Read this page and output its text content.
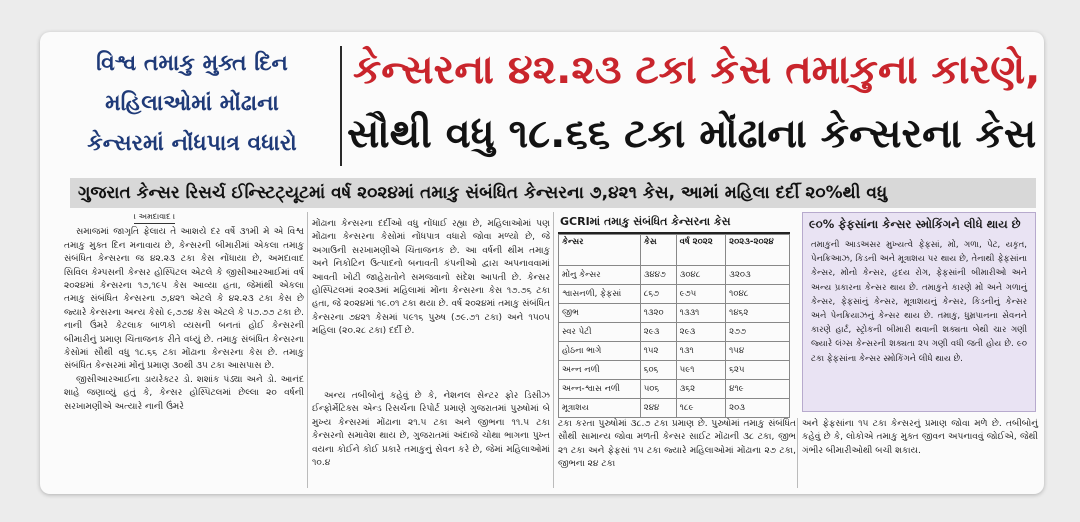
વિશ્વ તમાકુ મુક્ત દિન
મહિલાઓમાં મોંઢાના
કેન્સરમાં નોંધપાત્ર વધારો
કેન્સરના ૪૨.૨૩ ટકા કેસ તમાકુના કારણે,
સૌથી વધુ ૧૮.૬૬ ટકા મોંઢાના કેન્સરના કેસ
ગુજરાત કેન્સર રિસર્ચ ઈન્સ્ટિટ્યૂટમાં વર્ષ ૨૦૨૪માં તમાકુ સંબંધિત કેન્સરના ૭,૪૨૧ કેસ, આમાં મહિલા દર્દી ૨૦%થી વધુ
। અમદાવાદ ।

સમાજમાં જાગૃતિ ફેલાય તે આશયે દર વર્ષે ૩૧મી મે એ વિશ્વ તમાકુ મુક્ત દિન મનાવાય છે, કેન્સરની બીમારીમાં એકલા તમાકુ સંબંધિત કેન્સરના જ ૪૨.૨૩ ટકા કેસ નોંધાયા છે, અમદાવાદ સિવિલ કેમ્પસની કેન્સર હોસ્પિટલ એટલે કે જીસીઆરઆઈમાં વર્ષ ૨૦૨૪માં કેન્સરના ૧૭,૧૯૫ કેસ આવ્યા હતા, જેમાંથી એકલા તમાકુ સંબંધિત કેન્સરના ૭,૪૨૧ એટલે કે ૪૨.૨૩ ટકા કેસ છે જ્યારે કેન્સરના અન્ય કેસો ૯,૭૭૪ કેસ એટલે કે ૫૭.૭૭ ટકા છે. નાની ઉંમરે કેટલાક બાળકો વ્યસની બનતાં હોઈ કેન્સરની બીમારીનું પ્રમાણ ચિંતાજનક રીતે વધ્યું છે. તમાકુ સંબંધિત કેન્સરના કેસોમાં સૌથી વધુ ૧૮.૬૬ ટકા મોંઢાના કેન્સરના કેસ છે. તમાકુ સંબંધિત કેન્સરમાં મોંનું પ્રમાણ ૩૦થી ૩૫ ટકા આસપાસ છે.

જીસીઆરઆઈના ડાયરેક્ટર ડો. શશાંક પંડ્યા અને ડો. આનંદ શાહે જણાવ્યું હતું કે, કેન્સર હોસ્પિટલમાં છેલ્લા ૨૦ વર્ષની સરખામણીએ અત્યારે નાની ઉંમરે

મોંઢાના કેન્સરના દર્દીઓ વધુ નોંધાઈ રહ્યા છે, મહિલાઓમાં પણ મોંઢાના કેન્સરના કેસોમાં નોંધપાત્ર વધારો જોવા મળ્યો છે, જે અગાઉની સરખામણીએ ચિંતાજનક છે. આ વર્ષની થીમ તમાકુ અને નિકોટિન ઉત્પાદનો બનાવતી કંપનીઓ દ્વારા અપનાવવામાં આવતી ખોટી જાહેરાતોને સમજવાનો સંદેશ આપતી છે. કેન્સર હોસ્પિટલમાં ૨૦૨૩માં મહિલામાં મોંના કેન્સરના કેસ ૧૭.૭૬ ટકા હતા, જે ૨૦૨૪માં ૧૯.૦૧ ટકા થયા છે. વર્ષ ૨૦૨૪માં તમાકુ સંબંધિત કેન્સરના ૭૪૨૧ કેસમાં ૫૯૧૬ પુરુષ (૭૯.૭૧ ટકા) અને ૧૫૦૫ મહિલા (૨૦.૨૮ ટકા) દર્દી છે.

અન્ય તબીબોનું કહેવું છે કે, નેશનલ સેન્ટર ફોર ડિસીઝ ઈન્ફોર્મેટિક્સ એન્ડ રિસર્ચના રિપોર્ટ પ્રમાણે ગુજરાતમાં પુરુષોમાં બે મુખ્ય કેન્સરમાં મોંઢાના ૨૧.૫ ટકા અને જીભના ૧૧.૫ ટકા કેન્સરનો સમાવેશ થાય છે, ગુજરાતમાં અંદાજે ચોથા ભાગના પુખ્ત વયના કોઈને કોઈ પ્રકારે તમાકુનું સેવન કરે છે, જેમાં મહિલાઓમાં ૧૦.૪

GCRIમાં તમાકુ સંબંધિત કેન્સરના કેસ
કેન્સર	કેસ	વર્ષ ૨૦૨૨	૨૦૨૩-૨૦૨૪
મોંનુ કેન્સર	૩૪૪૭	૩૦૪૮	૩૨૦૩
શ્વાસનળી, ફેફસાં	૮૬૭	૯૭૫	૧૦૪૮
જીભ	૧૩૨૦	૧૩૩૧	૧૪૬૨
સ્વર પેટી	૨૯૩	૨૯૩	૨૭૭
હોઠના ભાગે	૧૫૨	૧૩૧	૧૫૪
અન્ન નળી	૬૦૬	૫૯૧	૬૨૫
અન્ન-શ્વાસ નળી	૫૦૬	૩૬૨	૪૧૯
મૂત્રાશય	૨૪૪	૧૮૯	૨૦૩
૯૦% ફેફસાંના કેન્સર સ્મોકિંગને લીધે થાય છે
તમાકુની આડઅસર મુખ્યત્વે ફેફસાં, મોં, ગળા, પેટ, યકૃત, પેનક્રિઆઝ, કિડની અને મૂત્રાશય પર થાય છે, તેનાથી ફેફસાંના કેન્સર, મોંનો કેન્સર, હૃદય રોગ, ફેફસાંની બીમારીઓ અને અન્ય પ્રકારના કેન્સર થાય છે. તમાકુને કારણે મોં અને ગળાનું કેન્સર, ફેફસાંનું કેન્સર, મૂત્રાશયનું કેન્સર, કિડનીનું કેન્સર અને પેનક્રિયાઝનું કેન્સર થાય છે. તમાકુ, ધુમ્રપાનના સેવનને કારણે હાર્ટ, સ્ટ્રોકની બીમારી થવાની શક્યતા બેથી ચાર ગણી જ્યારે લંગ્સ કેન્સરની શક્યતા ૨૫ ગણી વધી જતી હોય છે. ૯૦ ટકા ફેફસાંના કેન્સર સ્મોકિંગને લીધે થાય છે.

ટકા કરતા પુરુષોમાં ૩૮.૭ ટકા પ્રમાણ છે. પુરુષોમાં તમાકુ સંબંધિત સૌથી સામાન્ય જોવા મળતી કેન્સર સાઈટ મોંઢાની ૩૮ ટકા, જીભ ૨૧ ટકા અને ફેફસાં ૧૫ ટકા જ્યારે મહિલાઓમાં મોંઢાના ૨૭ ટકા, જીભના ૨૪ ટકા

અને ફેફસાંના ૧૫ ટકા કેન્સરનું પ્રમાણ જોવા મળે છે. તબીબોનું કહેવું છે કે, લોકોએ તમાકુ મુક્ત જીવન અપનાવવું જોઈએ, જેથી ગંભીર બીમારીઓથી બચી શકાય.
